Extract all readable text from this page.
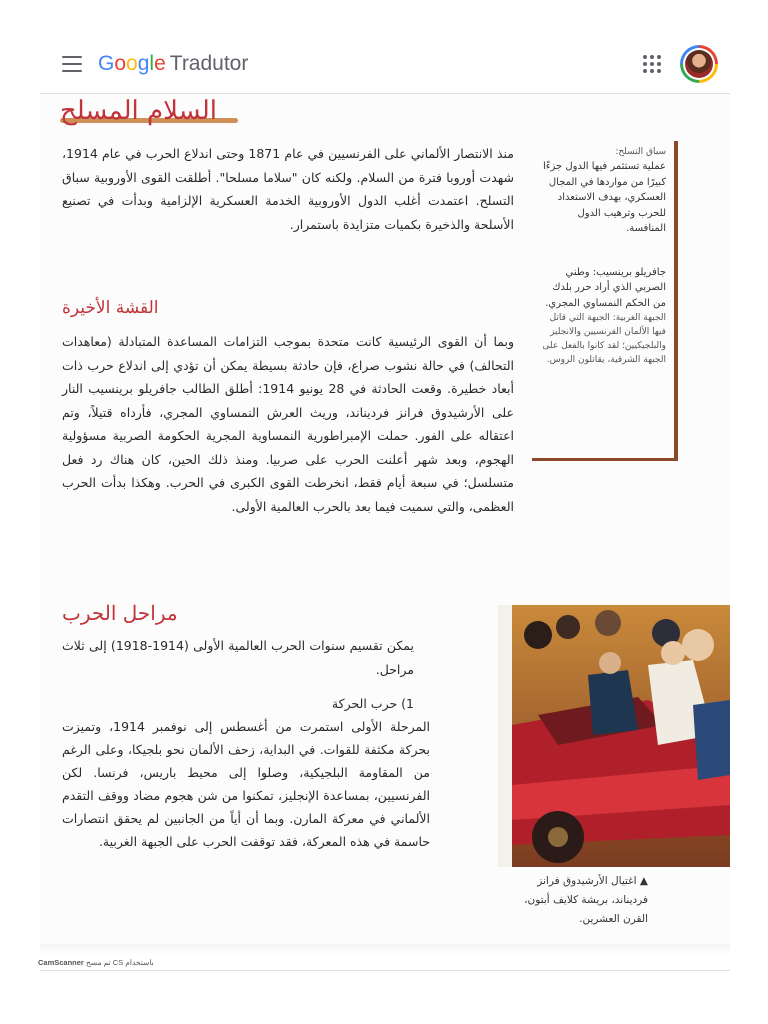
Google Tradutor
السلام المسلح
منذ الانتصار الألماني على الفرنسيين في عام 1871 وحتى اندلاع الحرب في عام 1914، شهدت أوروبا فترة من السلام. ولكنه كان "سلاما مسلحا". أطلقت القوى الأوروبية سباق التسلح. اعتمدت أغلب الدول الأوروبية الخدمة العسكرية الإلزامية وبدأت في تصنيع الأسلحة والذخيرة بكميات متزايدة باستمرار.
سباق التسلح:
عملية تستثمر فيها الدول جزءًا كبيرًا من مواردها في المجال العسكري، بهدف الاستعداد للحرب وترهيب الدول المنافسة.
جافريلو برينسيب: وطني الصربي الذي أراد حرر بلدك من الحكم النمساوي المجري.
الجبهة الغربية: الجبهة التي قاتل فيها الألمان الفرنسيين والانجليز والبلجيكيين؛ لقد كانوا بالفعل على الجبهة الشرقية، يقاتلون الروس.
القشة الأخيرة
وبما أن القوى الرئيسية كانت متحدة بموجب التزامات المساعدة المتبادلة (معاهدات التحالف) في حالة نشوب صراع، فإن حادثة بسيطة يمكن أن تؤدي إلى اندلاع حرب ذات أبعاد خطيرة. وقعت الحادثة في 28 يونيو 1914: أطلق الطالب جافريلو برينسيب النار على الأرشيدوق فرانز فرديناند، وريث العرش النمساوي المجري، فأرداه قتيلاً، وتم اعتقاله على الفور. حملت الإمبراطورية النمساوية المجرية الحكومة الصربية مسؤولية الهجوم، وبعد شهر أعلنت الحرب على صربيا. ومنذ ذلك الحين، كان هناك رد فعل متسلسل؛ في سبعة أيام فقط، انخرطت القوى الكبرى في الحرب. وهكذا بدأت الحرب العظمى، والتي سميت فيما بعد بالحرب العالمية الأولى.
مراحل الحرب
يمكن تقسيم سنوات الحرب العالمية الأولى (1914-1918) إلى ثلاث مراحل.
1) حرب الحركة
المرحلة الأولى استمرت من أغسطس إلى نوفمبر 1914، وتميزت بحركة مكثفة للقوات. في البداية، زحف الألمان نحو بلجيكا، وعلى الرغم من المقاومة البلجيكية، وصلوا إلى محيط باريس، فرنسا. لكن الفرنسيين، بمساعدة الإنجليز، تمكنوا من شن هجوم مضاد ووقف التقدم الألماني في معركة المارن. وبما أن أياً من الجانبين لم يحقق انتصارات حاسمة في هذه المعركة، فقد توقفت الحرب على الجبهة الغربية.
▲ اغتيال الأرشيدوق فرانز فرديناند، بريشة كلايف أبتون، القرن العشرين.
CamScanner تم مسح CS باستخدام
